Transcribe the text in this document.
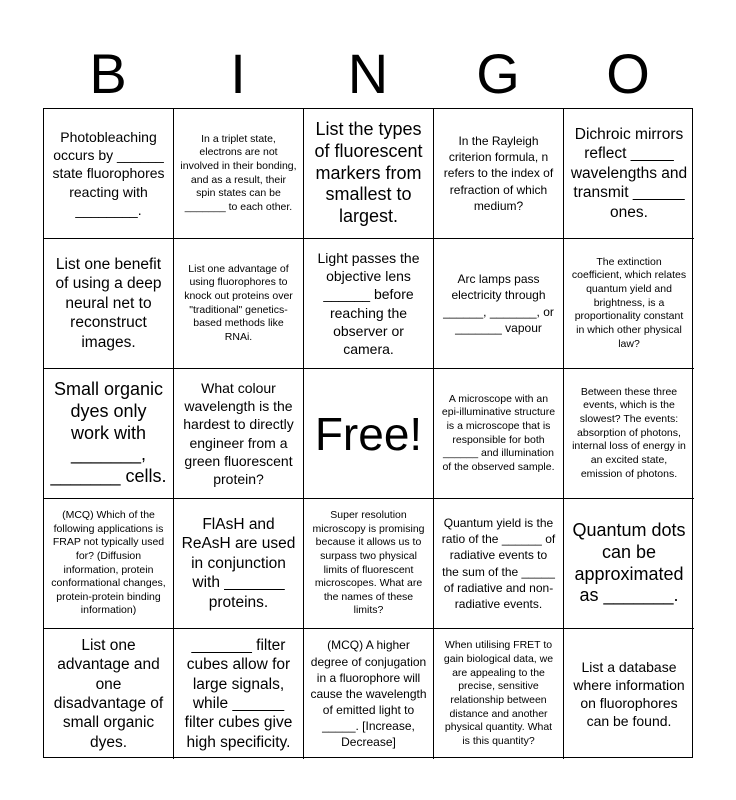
B	I	N	G	O
Photobleaching occurs by ______ state fluorophores reacting with ________.
In a triplet state, electrons are not involved in their bonding, and as a result, their spin states can be _______ to each other.
List the types of fluorescent markers from smallest to largest.
In the Rayleigh criterion formula, n refers to the index of refraction of which medium?
Dichroic mirrors reflect _____ wavelengths and transmit ______ ones.
List one benefit of using a deep neural net to reconstruct images.
List one advantage of using fluorophores to knock out proteins over "traditional" genetics-based methods like RNAi.
Light passes the objective lens ______ before reaching the observer or camera.
Arc lamps pass electricity through ______, _______, or _______ vapour
The extinction coefficient, which relates quantum yield and brightness, is a proportionality constant in which other physical law?
Small organic dyes only work with _______, _______ cells.
What colour wavelength is the hardest to directly engineer from a green fluorescent protein?
Free!
A microscope with an epi-illuminative structure is a microscope that is responsible for both ______ and illumination of the observed sample.
Between these three events, which is the slowest? The events: absorption of photons, internal loss of energy in an excited state, emission of photons.
(MCQ) Which of the following applications is FRAP not typically used for? (Diffusion information, protein conformational changes, protein-protein binding information)
FlAsH and ReAsH are used in conjunction with _______ proteins.
Super resolution microscopy is promising because it allows us to surpass two physical limits of fluorescent microscopes. What are the names of these limits?
Quantum yield is the ratio of the ______ of radiative events to the sum of the _____ of radiative and non-radiative events.
Quantum dots can be approximated as _______.
List one advantage and one disadvantage of small organic dyes.
_______ filter cubes allow for large signals, while ______ filter cubes give high specificity.
(MCQ) A higher degree of conjugation in a fluorophore will cause the wavelength of emitted light to _____. [Increase, Decrease]
When utilising FRET to gain biological data, we are appealing to the precise, sensitive relationship between distance and another physical quantity. What is this quantity?
List a database where information on fluorophores can be found.
